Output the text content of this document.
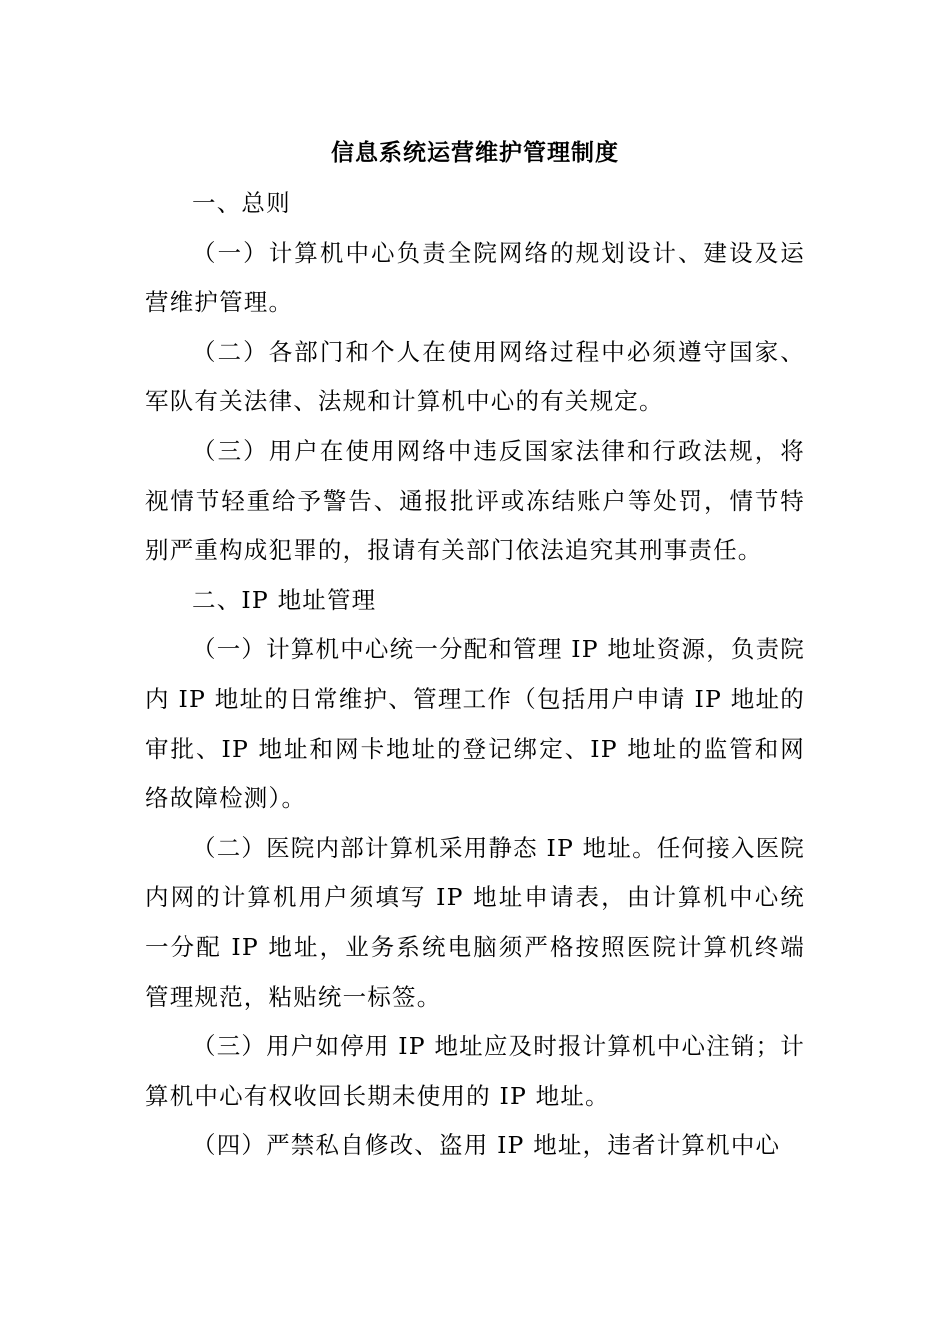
信息系统运营维护管理制度

一、总则

（一）计算机中心负责全院网络的规划设计、建设及运营维护管理。

（二）各部门和个人在使用网络过程中必须遵守国家、军队有关法律、法规和计算机中心的有关规定。

（三）用户在使用网络中违反国家法律和行政法规，将视情节轻重给予警告、通报批评或冻结账户等处罚，情节特别严重构成犯罪的，报请有关部门依法追究其刑事责任。

二、IP 地址管理

（一）计算机中心统一分配和管理 IP 地址资源，负责院内 IP 地址的日常维护、管理工作（包括用户申请 IP 地址的审批、IP 地址和网卡地址的登记绑定、IP 地址的监管和网络故障检测）。

（二）医院内部计算机采用静态 IP 地址。任何接入医院内网的计算机用户须填写 IP 地址申请表，由计算机中心统一分配 IP 地址，业务系统电脑须严格按照医院计算机终端管理规范，粘贴统一标签。

（三）用户如停用 IP 地址应及时报计算机中心注销；计算机中心有权收回长期未使用的 IP 地址。

（四）严禁私自修改、盗用 IP 地址，违者计算机中心
